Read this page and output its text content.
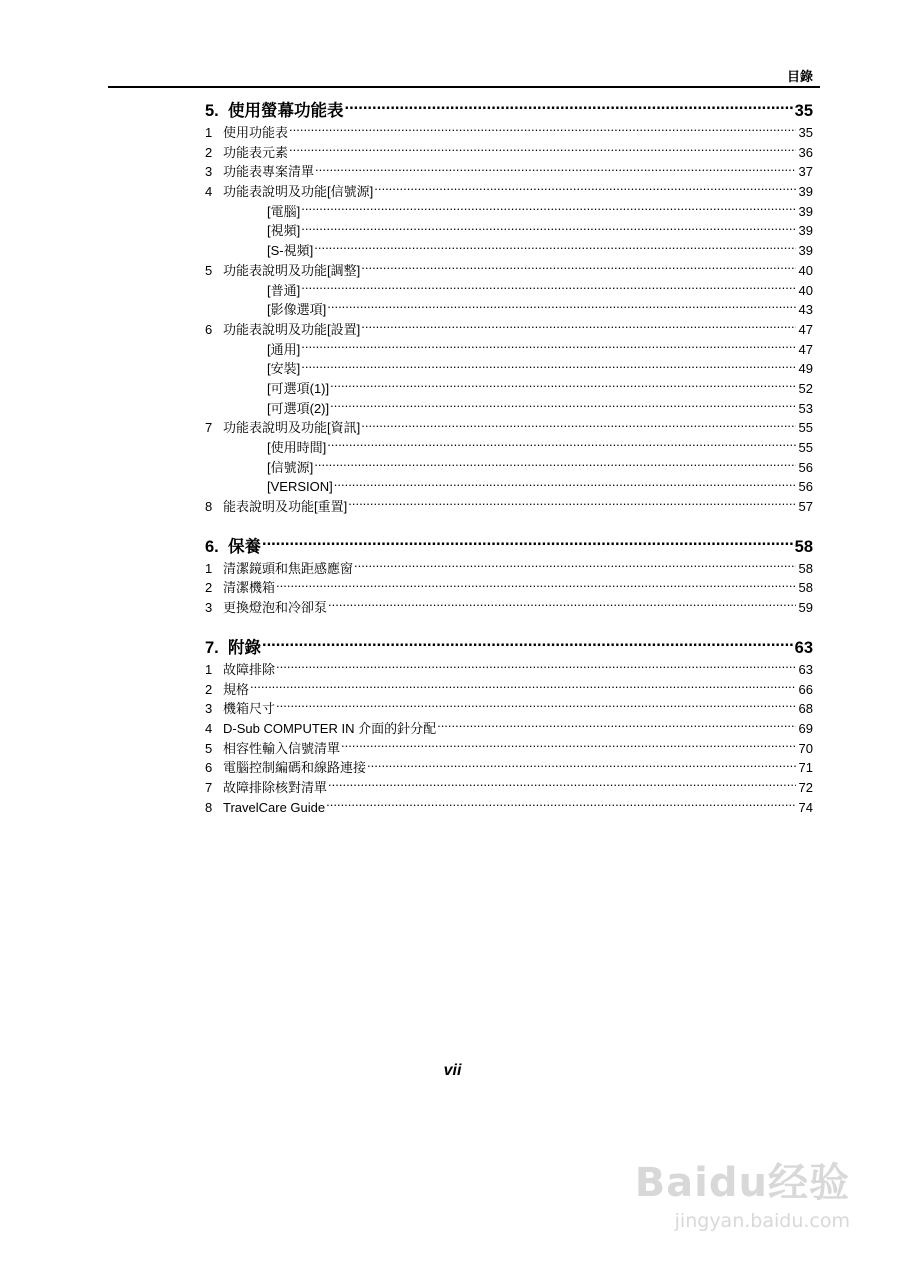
目錄
5. 使用螢幕功能表 .....	35
1 使用功能表 .....	35
2 功能表元素 .....	36
3 功能表專案清單 .....	37
4 功能表說明及功能[信號源] .....	39
[電腦] .....	39
[視頻] .....	39
[S-視頻] .....	39
5 功能表說明及功能[調整] .....	40
[普通] .....	40
[影像選項] .....	43
6 功能表說明及功能[設置] .....	47
[通用] .....	47
[安裝] .....	49
[可選項(1)] .....	52
[可選項(2)] .....	53
7 功能表說明及功能[資訊] .....	55
[使用時間] .....	55
[信號源] .....	56
[VERSION] .....	56
8 能表說明及功能[重置] .....	57
6. 保養 .....	58
1 清潔鏡頭和焦距感應窗 .....	58
2 清潔機箱 .....	58
3 更換燈泡和冷卻泵 .....	59
7. 附錄 .....	63
1 故障排除 .....	63
2 規格 .....	66
3 機箱尺寸 .....	68
4 D-Sub COMPUTER IN 介面的針分配 .....	69
5 相容性輸入信號清單 .....	70
6 電腦控制編碼和線路連接 .....	71
7 故障排除核對清單 .....	72
8 TravelCare Guide .....	74
vii
Baidu经验
jingyan.baidu.com
